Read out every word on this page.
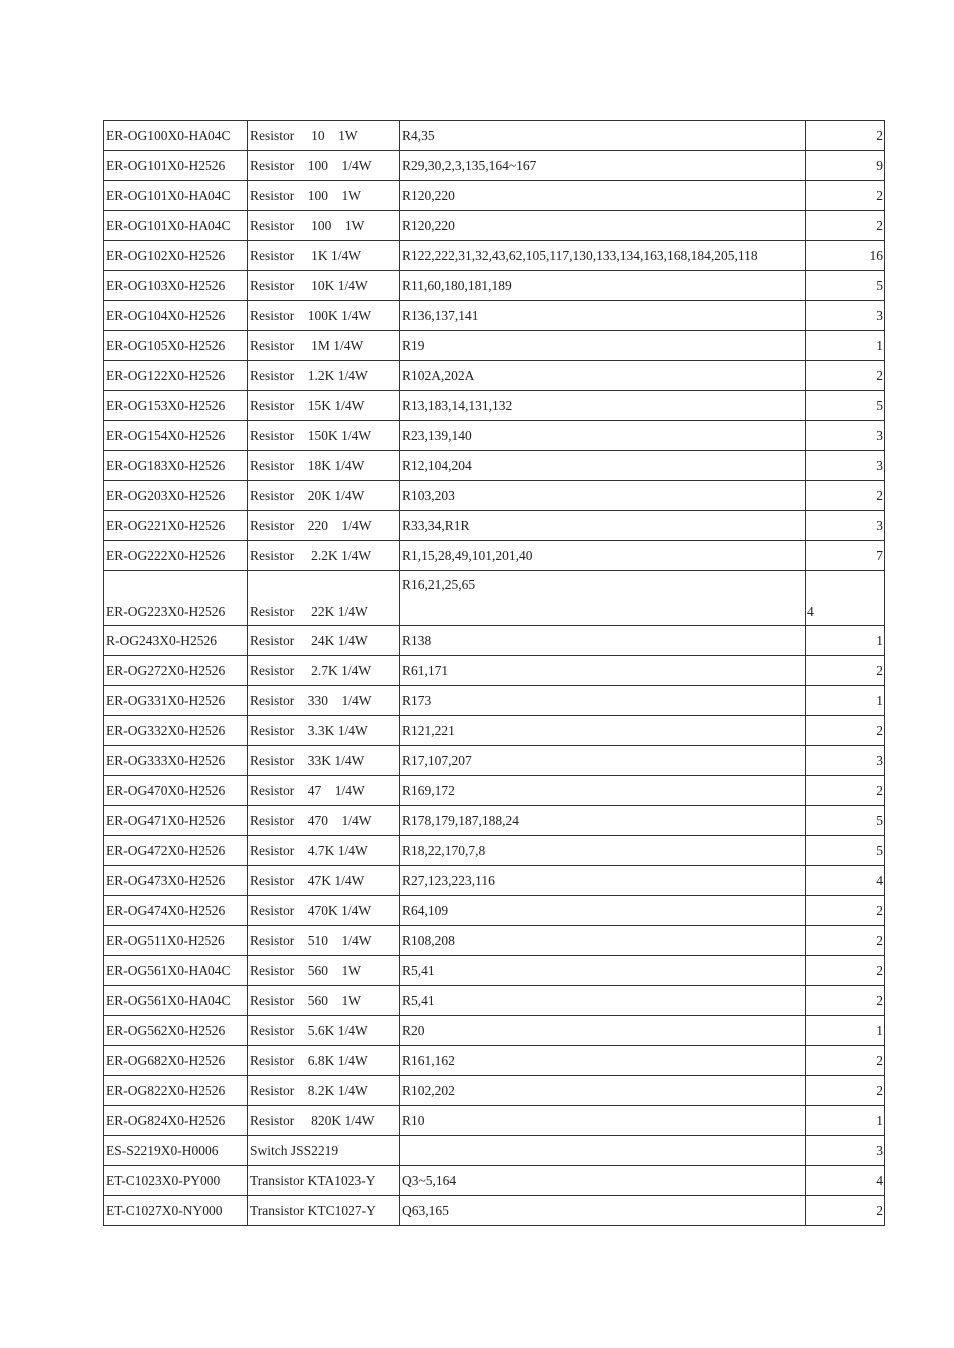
ER-OG100X0-HA04C	Resistor　 10　1W	R4,35	2
ER-OG101X0-H2526	Resistor　100　1/4W	R29,30,2,3,135,164~167	9
ER-OG101X0-HA04C	Resistor　100　1W	R120,220	2
ER-OG101X0-HA04C	Resistor　 100　1W	R120,220	2
ER-OG102X0-H2526	Resistor　 1K 1/4W	R122,222,31,32,43,62,105,117,130,133,134,163,168,184,205,118	16
ER-OG103X0-H2526	Resistor　 10K 1/4W	R11,60,180,181,189	5
ER-OG104X0-H2526	Resistor　100K 1/4W	R136,137,141	3
ER-OG105X0-H2526	Resistor　 1M 1/4W	R19	1
ER-OG122X0-H2526	Resistor　1.2K 1/4W	R102A,202A	2
ER-OG153X0-H2526	Resistor　15K 1/4W	R13,183,14,131,132	5
ER-OG154X0-H2526	Resistor　150K 1/4W	R23,139,140	3
ER-OG183X0-H2526	Resistor　18K 1/4W	R12,104,204	3
ER-OG203X0-H2526	Resistor　20K 1/4W	R103,203	2
ER-OG221X0-H2526	Resistor　220　1/4W	R33,34,R1R	3
ER-OG222X0-H2526	Resistor　 2.2K 1/4W	R1,15,28,49,101,201,40	7
ER-OG223X0-H2526	Resistor　 22K 1/4W	R16,21,25,65	4
R-OG243X0-H2526	Resistor　 24K 1/4W	R138	1
ER-OG272X0-H2526	Resistor　 2.7K 1/4W	R61,171	2
ER-OG331X0-H2526	Resistor　330　1/4W	R173	1
ER-OG332X0-H2526	Resistor　3.3K 1/4W	R121,221	2
ER-OG333X0-H2526	Resistor　33K 1/4W	R17,107,207	3
ER-OG470X0-H2526	Resistor　47　1/4W	R169,172	2
ER-OG471X0-H2526	Resistor　470　1/4W	R178,179,187,188,24	5
ER-OG472X0-H2526	Resistor　4.7K 1/4W	R18,22,170,7,8	5
ER-OG473X0-H2526	Resistor　47K 1/4W	R27,123,223,116	4
ER-OG474X0-H2526	Resistor　470K 1/4W	R64,109	2
ER-OG511X0-H2526	Resistor　510　1/4W	R108,208	2
ER-OG561X0-HA04C	Resistor　560　1W	R5,41	2
ER-OG561X0-HA04C	Resistor　560　1W	R5,41	2
ER-OG562X0-H2526	Resistor　5.6K 1/4W	R20	1
ER-OG682X0-H2526	Resistor　6.8K 1/4W	R161,162	2
ER-OG822X0-H2526	Resistor　8.2K 1/4W	R102,202	2
ER-OG824X0-H2526	Resistor　 820K 1/4W	R10	1
ES-S2219X0-H0006	Switch JSS2219		3
ET-C1023X0-PY000	Transistor KTA1023-Y	Q3~5,164	4
ET-C1027X0-NY000	Transistor KTC1027-Y	Q63,165	2
